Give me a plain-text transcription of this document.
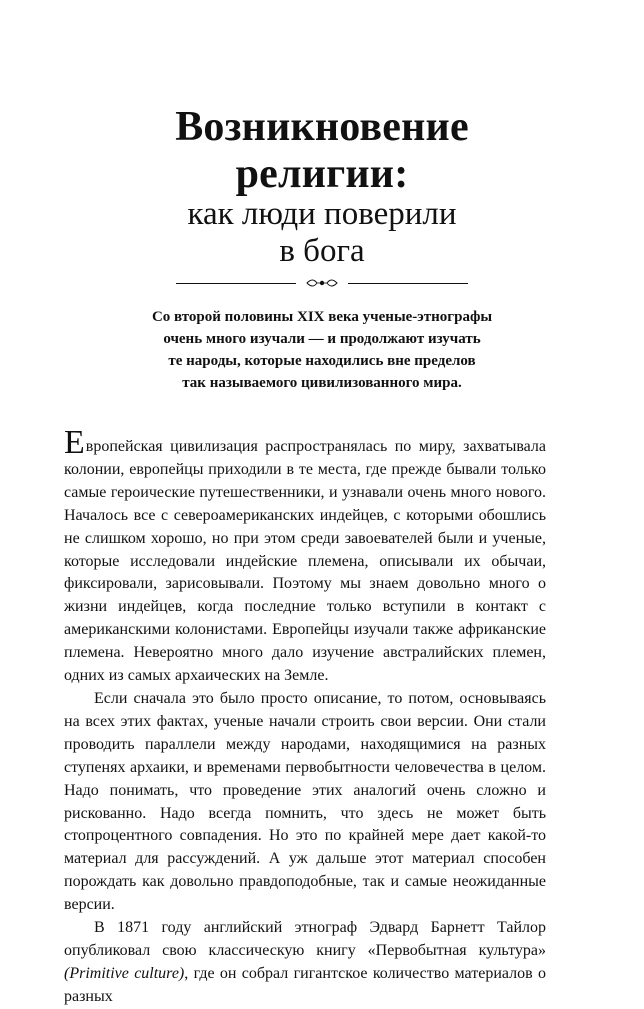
Возникновение
религии:
как люди поверили
в бога
Со второй половины XIX века ученые-этнографы
очень много изучали — и продолжают изучать
те народы, которые находились вне пределов
так называемого цивилизованного мира.

Европейская цивилизация распространялась по миру, захватывала колонии, европейцы приходили в те места, где прежде бывали только самые героические путешественники, и узнавали очень много нового. Началось все с североамериканских индейцев, с которыми обошлись не слишком хорошо, но при этом среди завоевателей были и ученые, которые исследовали индейские племена, описывали их обычаи, фиксировали, зарисовывали. Поэтому мы знаем довольно много о жизни индейцев, когда последние только вступили в контакт с американскими колонистами. Европейцы изучали также африканские племена. Невероятно много дало изучение австралийских племен, одних из самых архаических на Земле.

Если сначала это было просто описание, то потом, основываясь на всех этих фактах, ученые начали строить свои версии. Они стали проводить параллели между народами, находящимися на разных ступенях архаики, и временами первобытности человечества в целом. Надо понимать, что проведение этих аналогий очень сложно и рискованно. Надо всегда помнить, что здесь не может быть стопроцентного совпадения. Но это по крайней мере дает какой-то материал для рассуждений. А уж дальше этот материал способен порождать как довольно правдоподобные, так и самые неожиданные версии.

В 1871 году английский этнограф Эдвард Барнетт Тайлор опубликовал свою классическую книгу «Первобытная культура» (Primitive culture), где он собрал гигантское количество материалов о разных
